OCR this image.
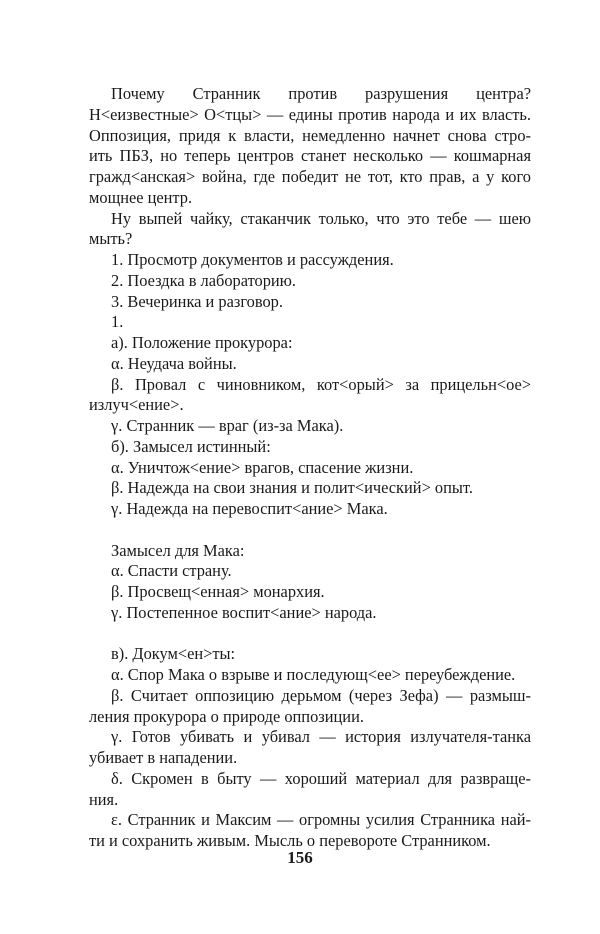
Почему Странник против разрушения центра?
Н<еизвестные> О<тцы> — едины против народа и их власть.
Оппозиция, придя к власти, немедленно начнет снова стро-
ить ПБЗ, но теперь центров станет несколько — кошмарная
гражд<анская> война, где победит не тот, кто прав, а у кого
мощнее центр.

Ну выпей чайку, стаканчик только, что это тебе — шею
мыть?

1. Просмотр документов и рассуждения.

2. Поездка в лабораторию.

3. Вечеринка и разговор.

1.

а). Положение прокурора:

α. Неудача войны.

β. Провал с чиновником, кот<орый> за прицельн<ое>
излуч<ение>.

γ. Странник — враг (из-за Мака).

б). Замысел истинный:

α. Уничтож<ение> врагов, спасение жизни.

β. Надежда на свои знания и полит<ический> опыт.

γ. Надежда на перевоспит<ание> Мака.

Замысел для Мака:

α. Спасти страну.

β. Просвещ<енная> монархия.

γ. Постепенное воспит<ание> народа.

в). Докум<ен>ты:

α. Спор Мака о взрыве и последующ<ее> переубеждение.

β. Считает оппозицию дерьмом (через Зефа) — размыш-
ления прокурора о природе оппозиции.

γ. Готов убивать и убивал — история излучателя-танка
убивает в нападении.

δ. Скромен в быту — хороший материал для развраще-
ния.

ε. Странник и Максим — огромны усилия Странника най-
ти и сохранить живым. Мысль о перевороте Странником.

156
